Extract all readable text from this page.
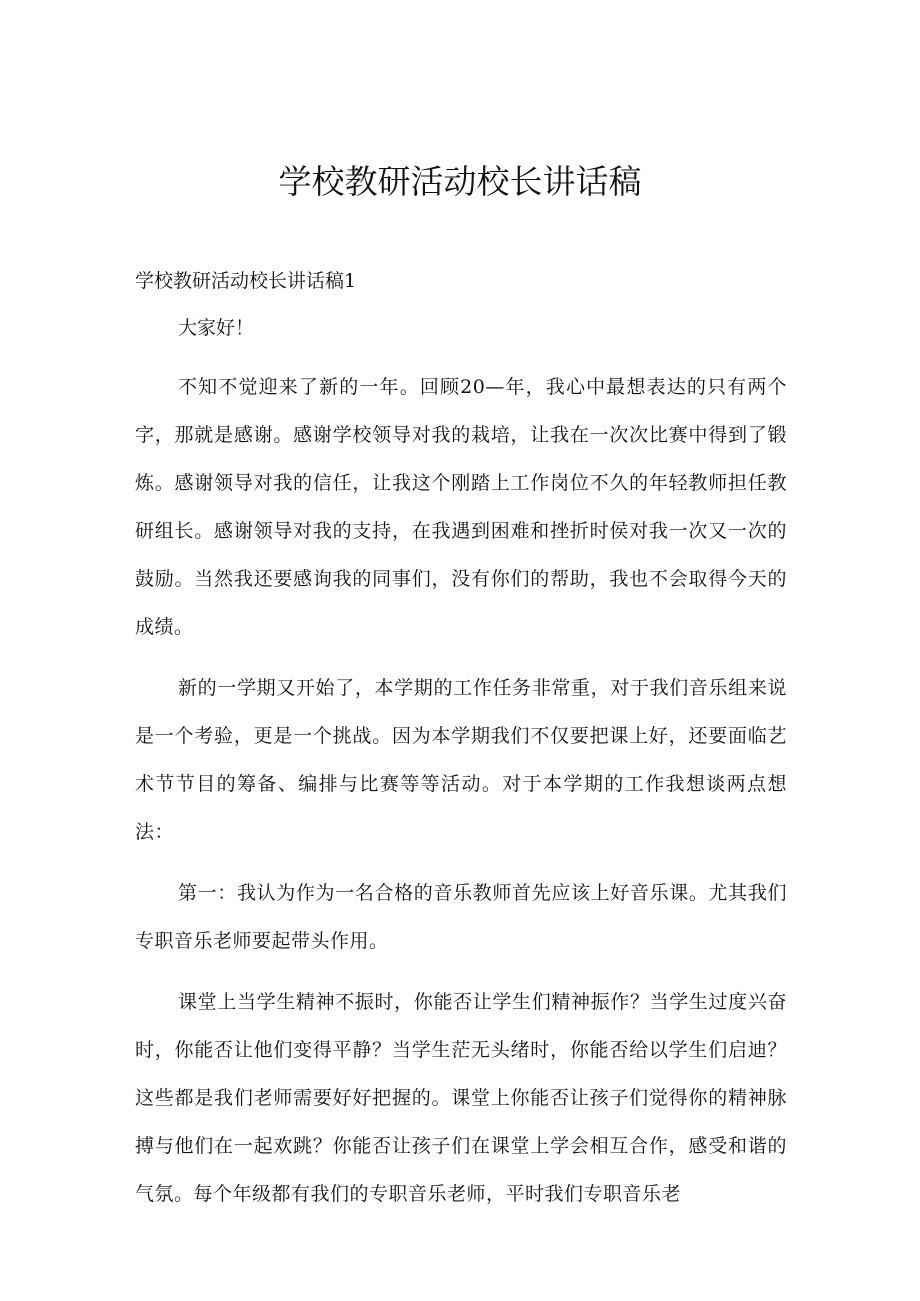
学校教研活动校长讲话稿

学校教研活动校长讲话稿1

大家好！

不知不觉迎来了新的一年。回顾20—年，我心中最想表达的只有两个字，那就是感谢。感谢学校领导对我的栽培，让我在一次次比赛中得到了锻炼。感谢领导对我的信任，让我这个刚踏上工作岗位不久的年轻教师担任教研组长。感谢领导对我的支持，在我遇到困难和挫折时侯对我一次又一次的鼓励。当然我还要感询我的同事们，没有你们的帮助，我也不会取得今天的成绩。

新的一学期又开始了，本学期的工作任务非常重，对于我们音乐组来说是一个考验，更是一个挑战。因为本学期我们不仅要把课上好，还要面临艺术节节目的筹备、编排与比赛等等活动。对于本学期的工作我想谈两点想法：

第一：我认为作为一名合格的音乐教师首先应该上好音乐课。尤其我们专职音乐老师要起带头作用。

课堂上当学生精神不振时，你能否让学生们精神振作？当学生过度兴奋时，你能否让他们变得平静？当学生茫无头绪时，你能否给以学生们启迪？这些都是我们老师需要好好把握的。课堂上你能否让孩子们觉得你的精神脉搏与他们在一起欢跳？你能否让孩子们在课堂上学会相互合作，感受和谐的气氛。每个年级都有我们的专职音乐老师，平时我们专职音乐老
